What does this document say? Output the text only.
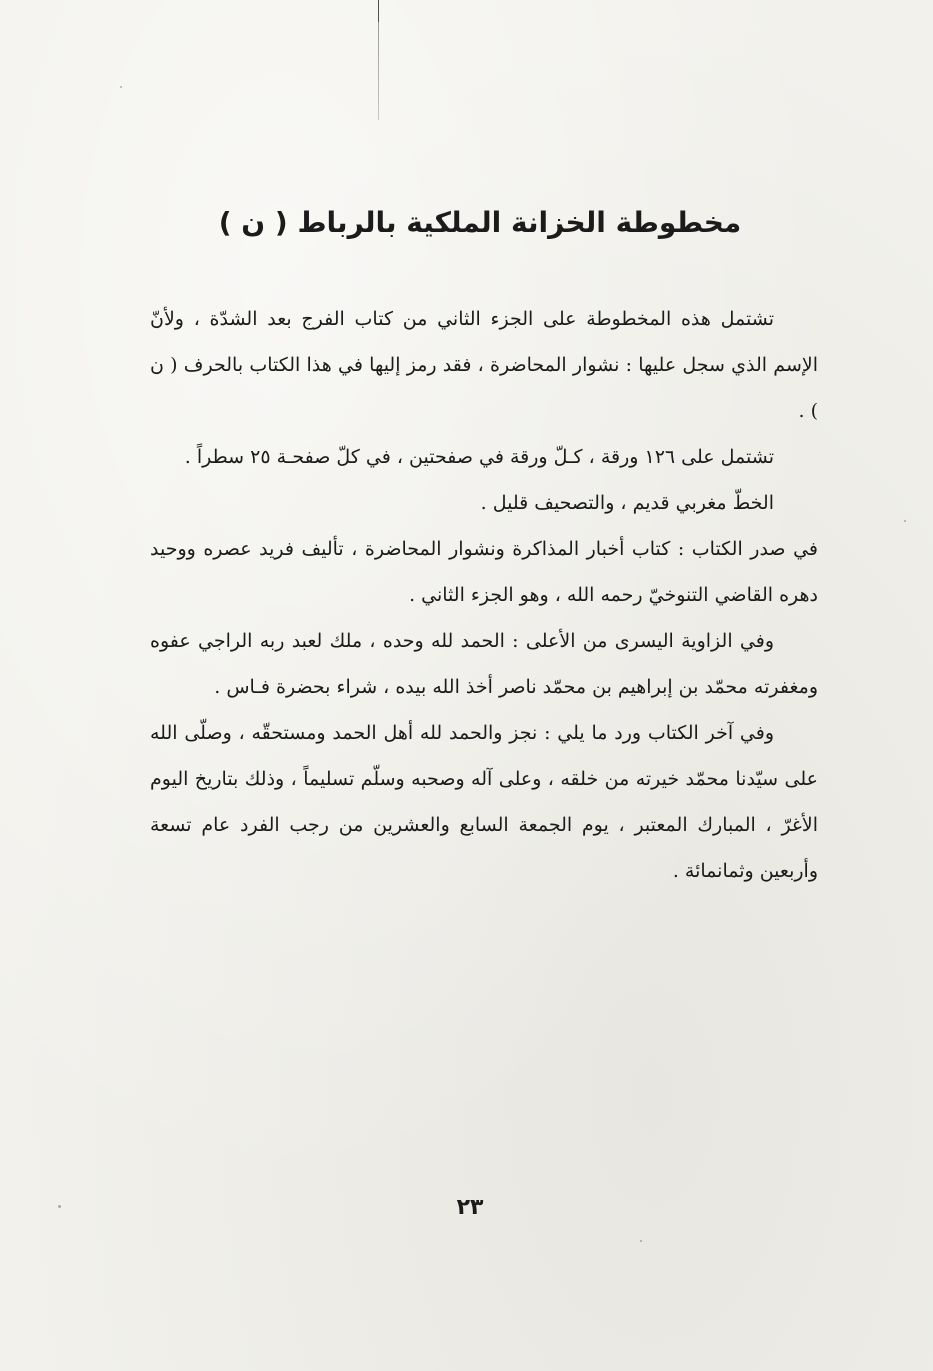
مخطوطة الخزانة الملكية بالرباط ( ن )

تشتمل هذه المخطوطة على الجزء الثاني من كتاب الفرج بعد الشدّة ، ولأنّ الإسم الذي سجل عليها : نشوار المحاضرة ، فقد رمز إليها في هذا الكتاب بالحرف ( ن ) .

تشتمل على ١٢٦ ورقة ، كـلّ ورقة في صفحتين ، في كلّ صفحـة ٢٥ سطراً .

الخطّ مغربي قديم ، والتصحيف قليل .

في صدر الكتاب : كتاب أخبار المذاكرة ونشوار المحاضرة ، تأليف فريد عصره ووحيد دهره القاضي التنوخيّ رحمه الله ، وهو الجزء الثاني .

وفي الزاوية اليسرى من الأعلى : الحمد لله وحده ، ملك لعبد ربه الراجي عفوه ومغفرته محمّد بن إبراهيم بن محمّد ناصر أخذ الله بيده ، شراء بحضرة فـاس .

وفي آخر الكتاب ورد ما يلي : نجز والحمد لله أهل الحمد ومستحقّه ، وصلّى الله على سيّدنا محمّد خيرته من خلقه ، وعلى آله وصحبه وسلّم تسليماً ، وذلك بتاريخ اليوم الأغرّ ، المبارك المعتبر ، يوم الجمعة السابع والعشرين من رجب الفرد عام تسعة وأربعين وثمانمائة .

٢٣
